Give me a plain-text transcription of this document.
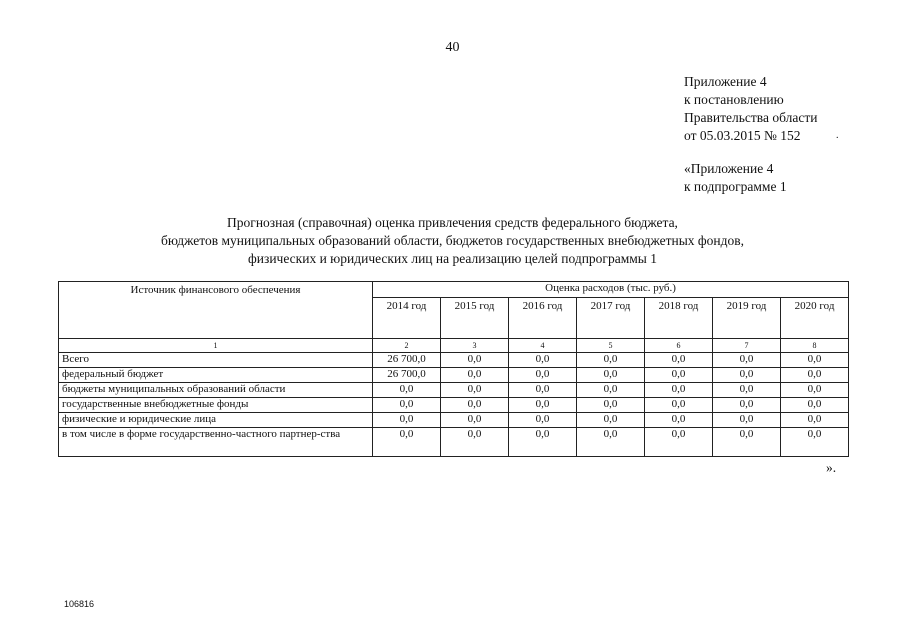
40
Приложение 4
к постановлению
Правительства области
от 05.03.2015 № 152	.
«Приложение 4
к подпрограмме 1
Прогнозная (справочная) оценка привлечения средств федерального бюджета,
бюджетов муниципальных образований области, бюджетов государственных внебюджетных фондов,
физических и юридических лиц на реализацию целей подпрограммы 1
Источник финансового обеспечения	Оценка расходов (тыс. руб.)						
	2014 год	2015 год	2016 год	2017 год	2018 год	2019 год	2020 год
1	2	3	4	5	6	7	8
Всего	26 700,0	0,0	0,0	0,0	0,0	0,0	0,0
федеральный бюджет	26 700,0	0,0	0,0	0,0	0,0	0,0	0,0
бюджеты муниципальных образований области	0,0	0,0	0,0	0,0	0,0	0,0	0,0
государственные внебюджетные фонды	0,0	0,0	0,0	0,0	0,0	0,0	0,0
физические и юридические лица	0,0	0,0	0,0	0,0	0,0	0,0	0,0
в том числе в форме государственно-частного партнер-ства	0,0	0,0	0,0	0,0	0,0	0,0	0,0
».
106816
